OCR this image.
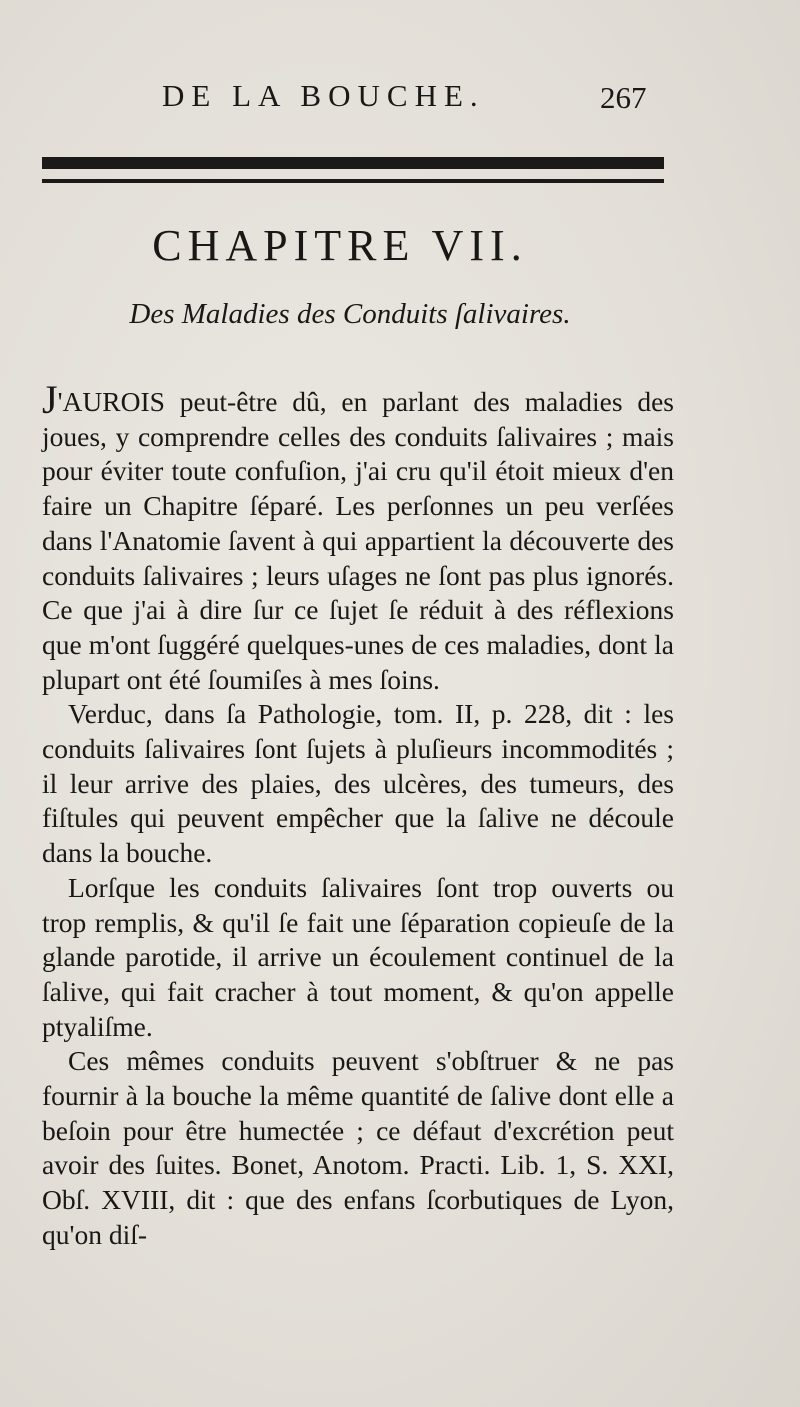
DE LA BOUCHE.	267
CHAPITRE VII.
Des Maladies des Conduits ſalivaires.

J'AUROIS peut-être dû, en parlant des maladies des joues, y comprendre celles des conduits ſalivaires ; mais pour éviter toute confuſion, j'ai cru qu'il étoit mieux d'en faire un Chapitre ſéparé. Les perſonnes un peu verſées dans l'Anatomie ſavent à qui appartient la découverte des conduits ſalivaires ; leurs uſages ne ſont pas plus ignorés. Ce que j'ai à dire ſur ce ſujet ſe réduit à des réflexions que m'ont ſuggéré quelques-unes de ces maladies, dont la plupart ont été ſoumiſes à mes ſoins.

Verduc, dans ſa Pathologie, tom. II, p. 228, dit : les conduits ſalivaires ſont ſujets à pluſieurs incommodités ; il leur arrive des plaies, des ulcères, des tumeurs, des fiſtules qui peuvent empêcher que la ſalive ne découle dans la bouche.

Lorſque les conduits ſalivaires ſont trop ouverts ou trop remplis, & qu'il ſe fait une ſéparation copieuſe de la glande parotide, il arrive un écoulement continuel de la ſalive, qui fait cracher à tout moment, & qu'on appelle ptyaliſme.

Ces mêmes conduits peuvent s'obſtruer & ne pas fournir à la bouche la même quantité de ſalive dont elle a beſoin pour être humectée ; ce défaut d'excrétion peut avoir des ſuites. Bonet, Anotom. Practi. Lib. 1, S. XXI, Obſ. XVIII, dit : que des enfans ſcorbutiques de Lyon, qu'on diſ-
